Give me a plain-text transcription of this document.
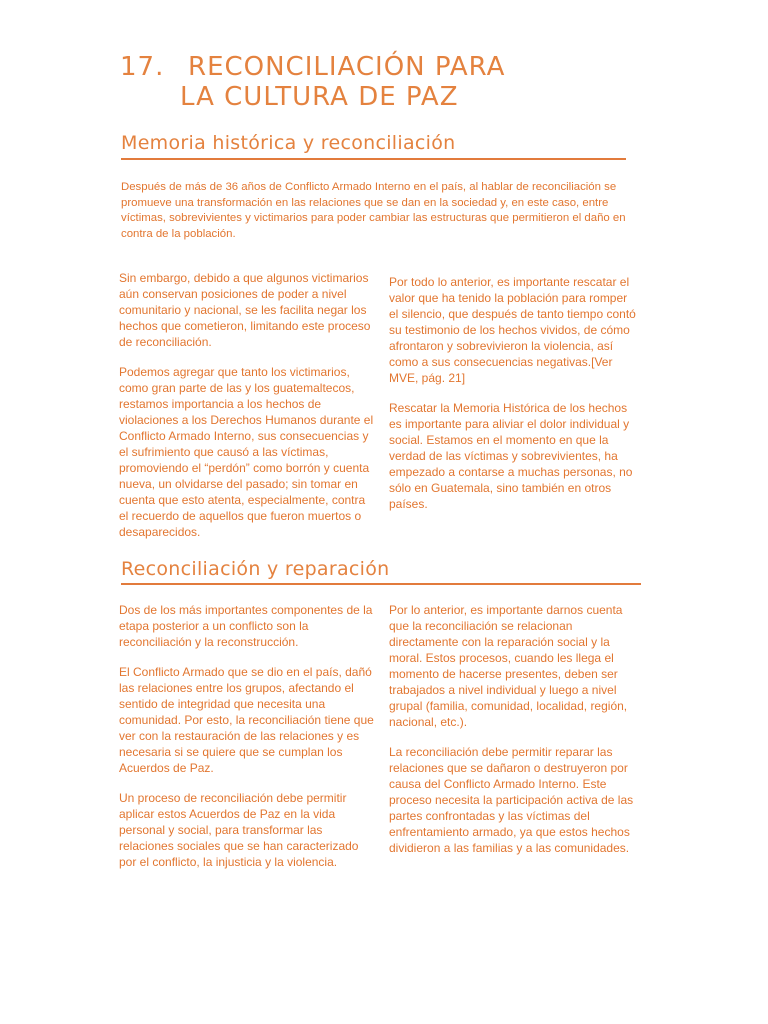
17. RECONCILIACIÓN PARA
LA CULTURA DE PAZ
Memoria histórica y reconciliación

Después de más de 36 años de Conflicto Armado Interno en el país, al hablar de reconciliación se promueve una transformación en las relaciones que se dan en la sociedad y, en este caso, entre víctimas, sobrevivientes y victimarios para poder cambiar las estructuras que permitieron el daño en contra de la población.

Sin embargo, debido a que algunos victimarios aún conservan posiciones de poder a nivel comunitario y nacional, se les facilita negar los hechos que cometieron, limitando este proceso de reconciliación.

Podemos agregar que tanto los victimarios, como gran parte de las y los guatemaltecos, restamos importancia a los hechos de violaciones a los Derechos Humanos durante el Conflicto Armado Interno, sus consecuencias y el sufrimiento que causó a las víctimas, promoviendo el “perdón” como borrón y cuenta nueva, un olvidarse del pasado; sin tomar en cuenta que esto atenta, especialmente, contra el recuerdo de aquellos que fueron muertos o desaparecidos.

Por todo lo anterior, es importante rescatar el valor que ha tenido la población para romper el silencio, que después de tanto tiempo contó su testimonio de los hechos vividos, de cómo afrontaron y sobrevivieron la violencia, así como a sus consecuencias negativas.[Ver MVE, pág. 21]

Rescatar la Memoria Histórica de los hechos es importante para aliviar el dolor individual y social. Estamos en el momento en que la verdad de las víctimas y sobrevivientes, ha empezado a contarse a muchas personas, no sólo en Guatemala, sino también en otros países.

Reconciliación y reparación

Dos de los más importantes componentes de la etapa posterior a un conflicto son la reconciliación y la reconstrucción.

El Conflicto Armado que se dio en el país, dañó las relaciones entre los grupos, afectando el sentido de integridad que necesita una comunidad. Por esto, la reconciliación tiene que ver con la restauración de las relaciones y es necesaria si se quiere que se cumplan los Acuerdos de Paz.

Un proceso de reconciliación debe permitir aplicar estos Acuerdos de Paz en la vida personal y social, para transformar las relaciones sociales que se han caracterizado por el conflicto, la injusticia y la violencia.

Por lo anterior, es importante darnos cuenta que la reconciliación se relacionan directamente con la reparación social y la moral. Estos procesos, cuando les llega el momento de hacerse presentes, deben ser trabajados a nivel individual y luego a nivel grupal (familia, comunidad, localidad, región, nacional, etc.).

La reconciliación debe permitir reparar las relaciones que se dañaron o destruyeron por causa del Conflicto Armado Interno. Este proceso necesita la participación activa de las partes confrontadas y las víctimas del enfrentamiento armado, ya que estos hechos dividieron a las familias y a las comunidades.
